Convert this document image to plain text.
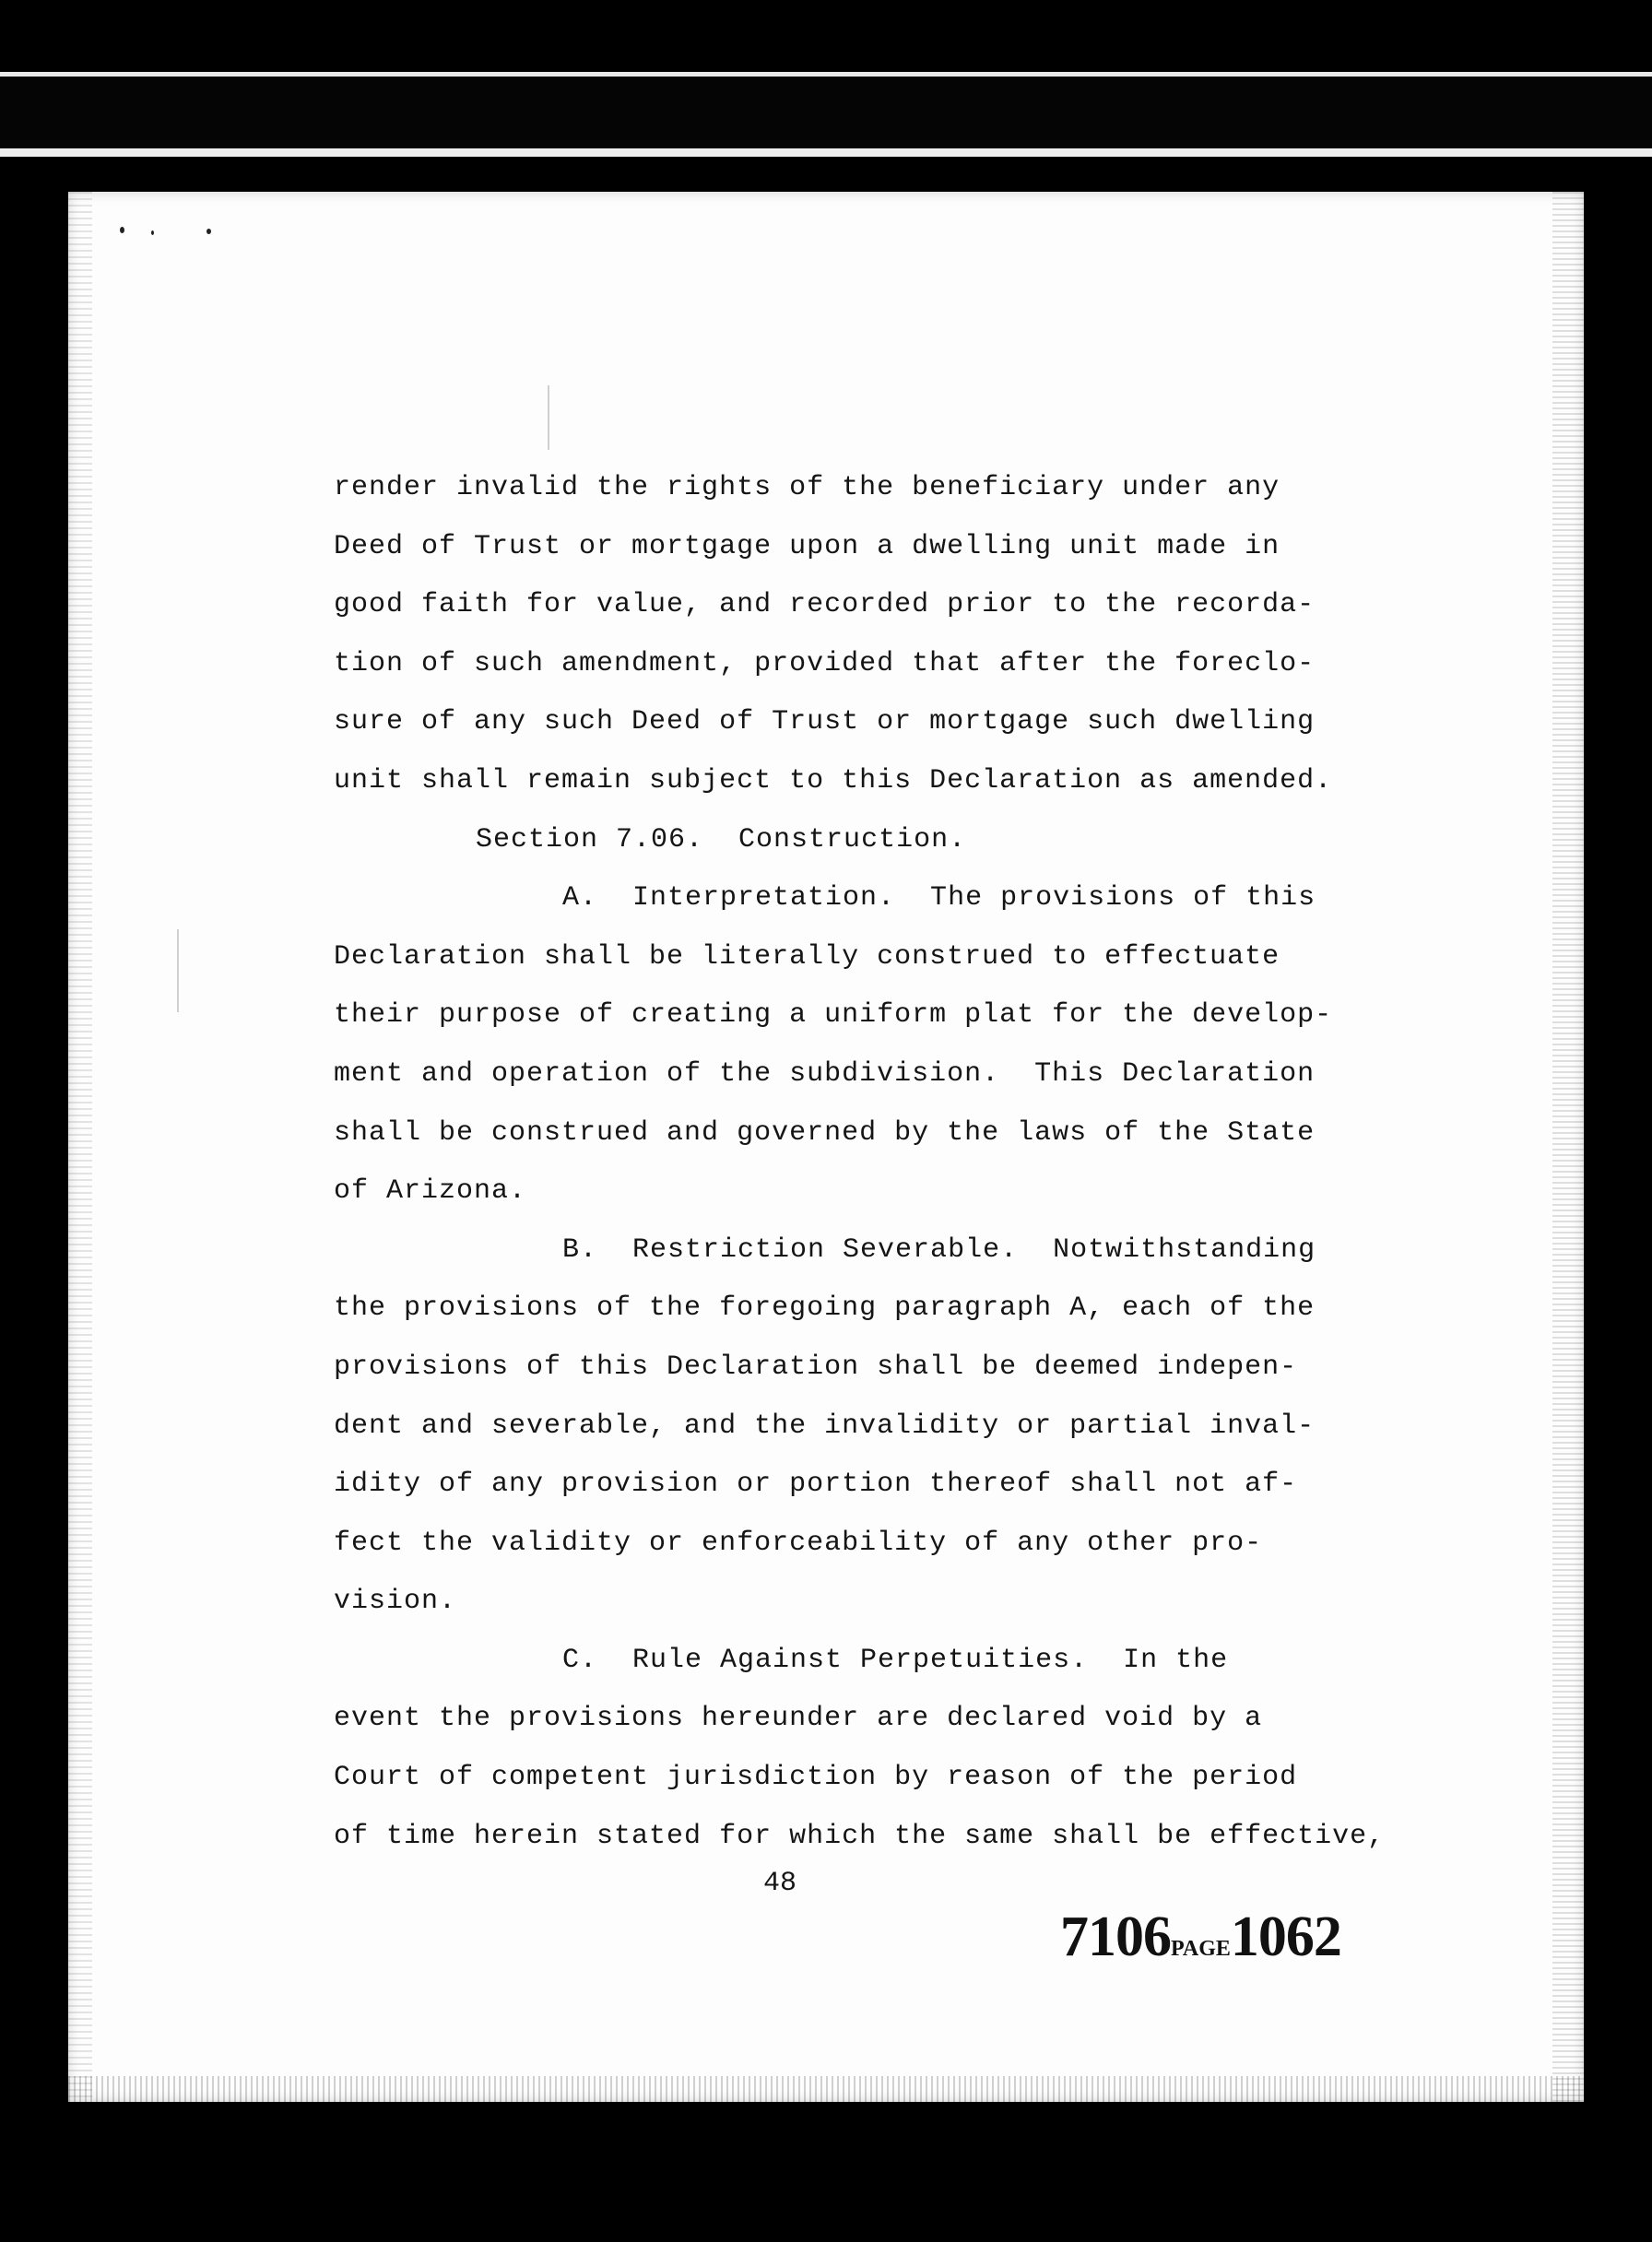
render invalid the rights of the beneficiary under any
Deed of Trust or mortgage upon a dwelling unit made in
good faith for value, and recorded prior to the recorda-
tion of such amendment, provided that after the foreclo-
sure of any such Deed of Trust or mortgage such dwelling
unit shall remain subject to this Declaration as amended.
Section 7.06.  Construction.
A.  Interpretation.  The provisions of this
Declaration shall be literally construed to effectuate
their purpose of creating a uniform plat for the develop-
ment and operation of the subdivision.  This Declaration
shall be construed and governed by the laws of the State
of Arizona.
B.  Restriction Severable.  Notwithstanding
the provisions of the foregoing paragraph A, each of the
provisions of this Declaration shall be deemed indepen-
dent and severable, and the invalidity or partial inval-
idity of any provision or portion thereof shall not af-
fect the validity or enforceability of any other pro-
vision.
C.  Rule Against Perpetuities.  In the
event the provisions hereunder are declared void by a
Court of competent jurisdiction by reason of the period
of time herein stated for which the same shall be effective,
48
7106PAGE1062
